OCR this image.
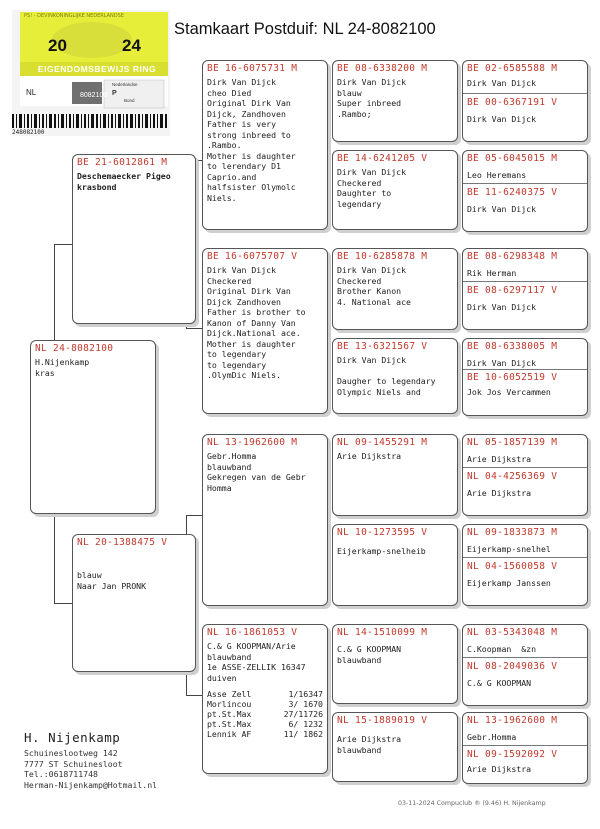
PS! - DEVINKONINGLIJKE NEDERLANDSE
20	24
EIGENDOMSBEWIJS RING
NL	8082100
Nederlandse
P
Bond
248082100
Stamkaart Postduif: NL 24-8082100
NL 24-8082100
H.Nijenkamp
kras
BE 21-6012861 M
Deschemaecker Pigeo
krasbond
NL 20-1388475 V
blauw
Naar Jan PRONK
BE 16-6075731 M
Dirk Van Dijck
cheo Died
Original Dirk Van
Dijck, Zandhoven
Father is very
strong inbreed to
.Rambo.
Mother is daughter
to lerendary D1
Caprio.and
halfsister Olymolc
Niels.
BE 16-6075707 V
Dirk Van Dijck
Checkered
Original Dirk Van
Dijck Zandhoven
Father is brother to
Kanon of Danny Van
Dijck.National ace.
Mother is daughter
to legendary
to legendary
.OlymDic Niels.
NL 13-1962600 M
Gebr.Homma
blauwband
Gekregen van de Gebr
Homma
NL 16-1861053 V
C.& G KOOPMAN/Arie
blauwband
1e ASSE-ZELLIK 16347
duiven
Asse Zell	1/16347
Morlincou	3/ 1670
pt.St.Max	27/11726
pt.St.Max	6/ 1232
Lennik AF	11/ 1862
BE 08-6338200 M
Dirk Van Dijck
blauw
Super inbreed
.Rambo;
BE 14-6241205 V
Dirk Van Dijck
Checkered
Daughter to
legendary
BE 10-6285878 M
Dirk Van Dijck
Checkered
Brother Kanon
4. National ace
BE 13-6321567 V
Dirk Van Dijck

Daugher to legendary
Olympic Niels and
NL 09-1455291 M
Arie Dijkstra
NL 10-1273595 V
Eijerkamp-snelheib
NL 14-1510099 M
C.& G KOOPMAN
blauwband
NL 15-1889019 V
Arie Dijkstra
blauwband
BE 02-6585588 M
Dirk Van Dijck
BE 00-6367191 V
Dirk Van Dijck
BE 05-6045015 M
Leo Heremans
BE 11-6240375 V
Dirk Van Dijck
BE 08-6298348 M
Rik Herman
BE 08-6297117 V
Dirk Van Dijck
BE 08-6338005 M
Dirk Van Dijck
BE 10-6052519 V
Jok Jos Vercammen
NL 05-1857139 M
Arie Dijkstra
NL 04-4256369 V
Arie Dijkstra
NL 09-1833873 M
Eijerkamp-snelhel
NL 04-1560058 V
Eijerkamp Janssen
NL 03-5343048 M
C.Koopman  &zn
NL 08-2049036 V
C.& G KOOPMAN
NL 13-1962600 M
Gebr.Homma
NL 09-1592092 V
Arie Dijkstra
H. Nijenkamp
Schuineslootweg 142
7777 ST Schuinesloot
Tel.:0618711748
Herman-Nijenkamp@Hotmail.nl
03-11-2024 Compuclub ® (9.46) H. Nijenkamp
